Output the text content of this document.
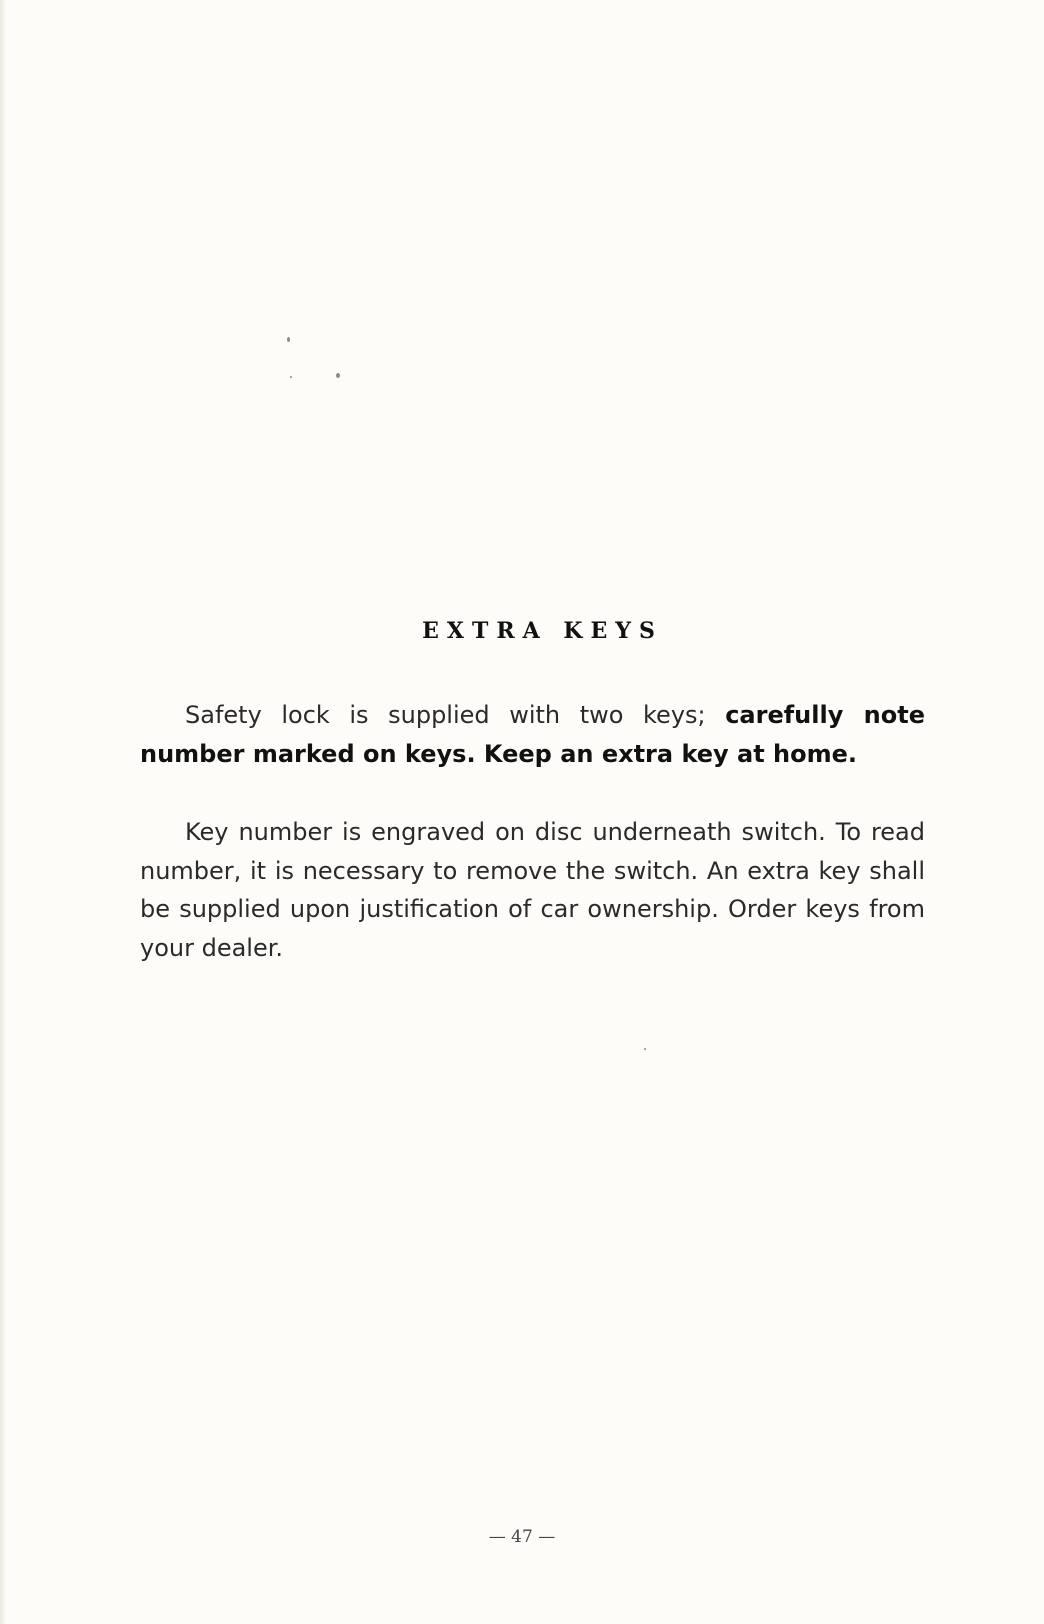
EXTRA KEYS

Safety lock is supplied with two keys; carefully note number marked on keys. Keep an extra key at home.

Key number is engraved on disc underneath switch. To read number, it is necessary to remove the switch. An extra key shall be supplied upon justification of car ownership. Order keys from your dealer.

— 47 —
